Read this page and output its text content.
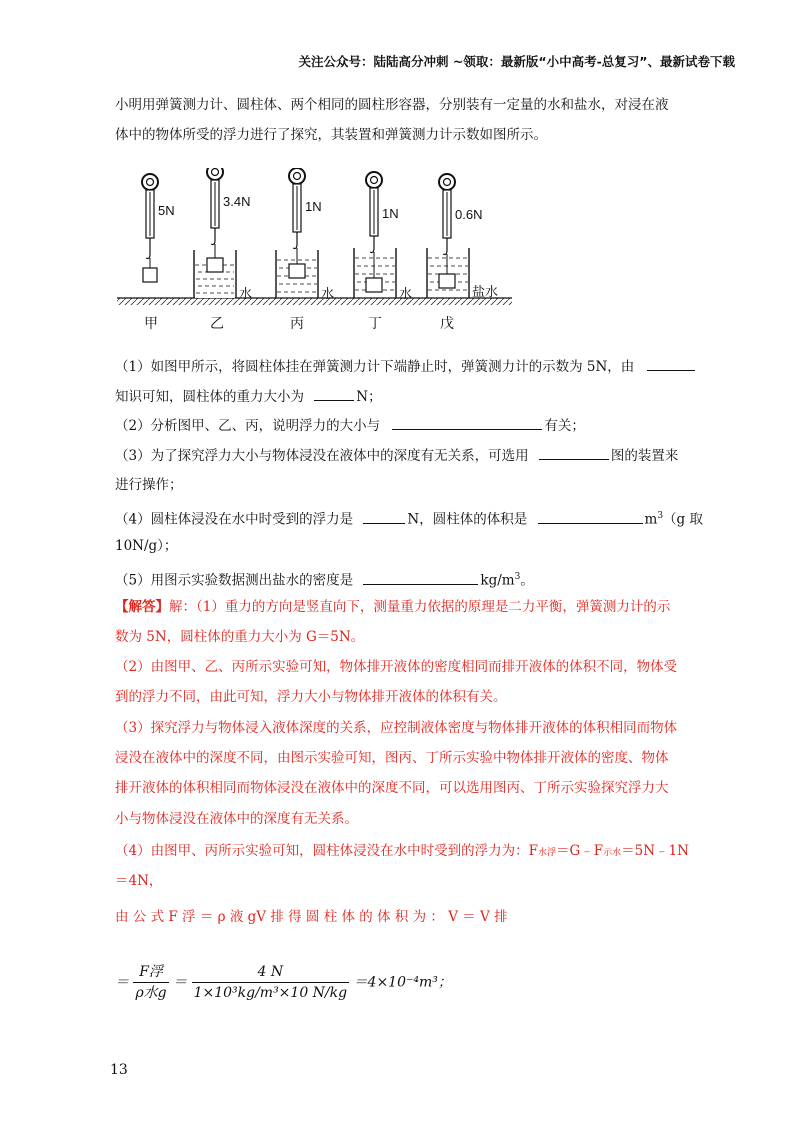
关注公众号：陆陆高分冲刺 ~领取：最新版“小中高考-总复习”、最新试卷下载
小明用弹簧测力计、圆柱体、两个相同的圆柱形容器，分别装有一定量的水和盐水，对浸在液
体中的物体所受的浮力进行了探究，其装置和弹簧测力计示数如图所示。
5N
3.4N	1N	1N	0.6N
水	水	水	盐水
甲	乙	丙	丁	戊
（1）如图甲所示，将圆柱体挂在弹簧测力计下端静止时，弹簧测力计的示数为 5N，由
知识可知，圆柱体的重力大小为	N；
（2）分析图甲、乙、丙，说明浮力的大小与	有关；
（3）为了探究浮力大小与物体浸没在液体中的深度有无关系，可选用	图的装置来
进行操作；
（4）圆柱体浸没在水中时受到的浮力是	N，圆柱体的体积是	$m^3(g$ 取
10N/g）；
（5）用图示实验数据测出盐水的密度是	$kg/m^3$。
【解答】解：（1）重力的方向是竖直向下，测量重力依据的原理是二力平衡，弹簧测力计的示
数为 5N，圆柱体的重力大小为 G＝5N。
（2）由图甲、乙、丙所示实验可知，物体排开液体的密度相同而排开液体的体积不同，物体受
到的浮力不同，由此可知，浮力大小与物体排开液体的体积有关。
（3）探究浮力与物体浸入液体深度的关系，应控制液体密度与物体排开液体的体积相同而物体
浸没在液体中的深度不同，由图示实验可知，图丙、丁所示实验中物体排开液体的密度、物体
排开液体的体积相同而物体浸没在液体中的深度不同，可以选用图丙、丁所示实验探究浮力大
小与物体浸没在液体中的深度有无关系。
（4）由图甲、丙所示实验可知，圆柱体浸没在水中时受到的浮力为：F水浮＝G﹣F示水＝5N﹣1N
＝4N，
由 公 式 F 浮 ＝ ρ 液 gV 排 得 圆 柱 体 的 体 积 为 ： V ＝ V 排
＝ $\frac{\text{F浮}}{\text{ρ水g}} = \frac{4 N}{\text{1×10³kg/m³×10 N/kg}} =4\times 10^{-4}m^3$；
13
